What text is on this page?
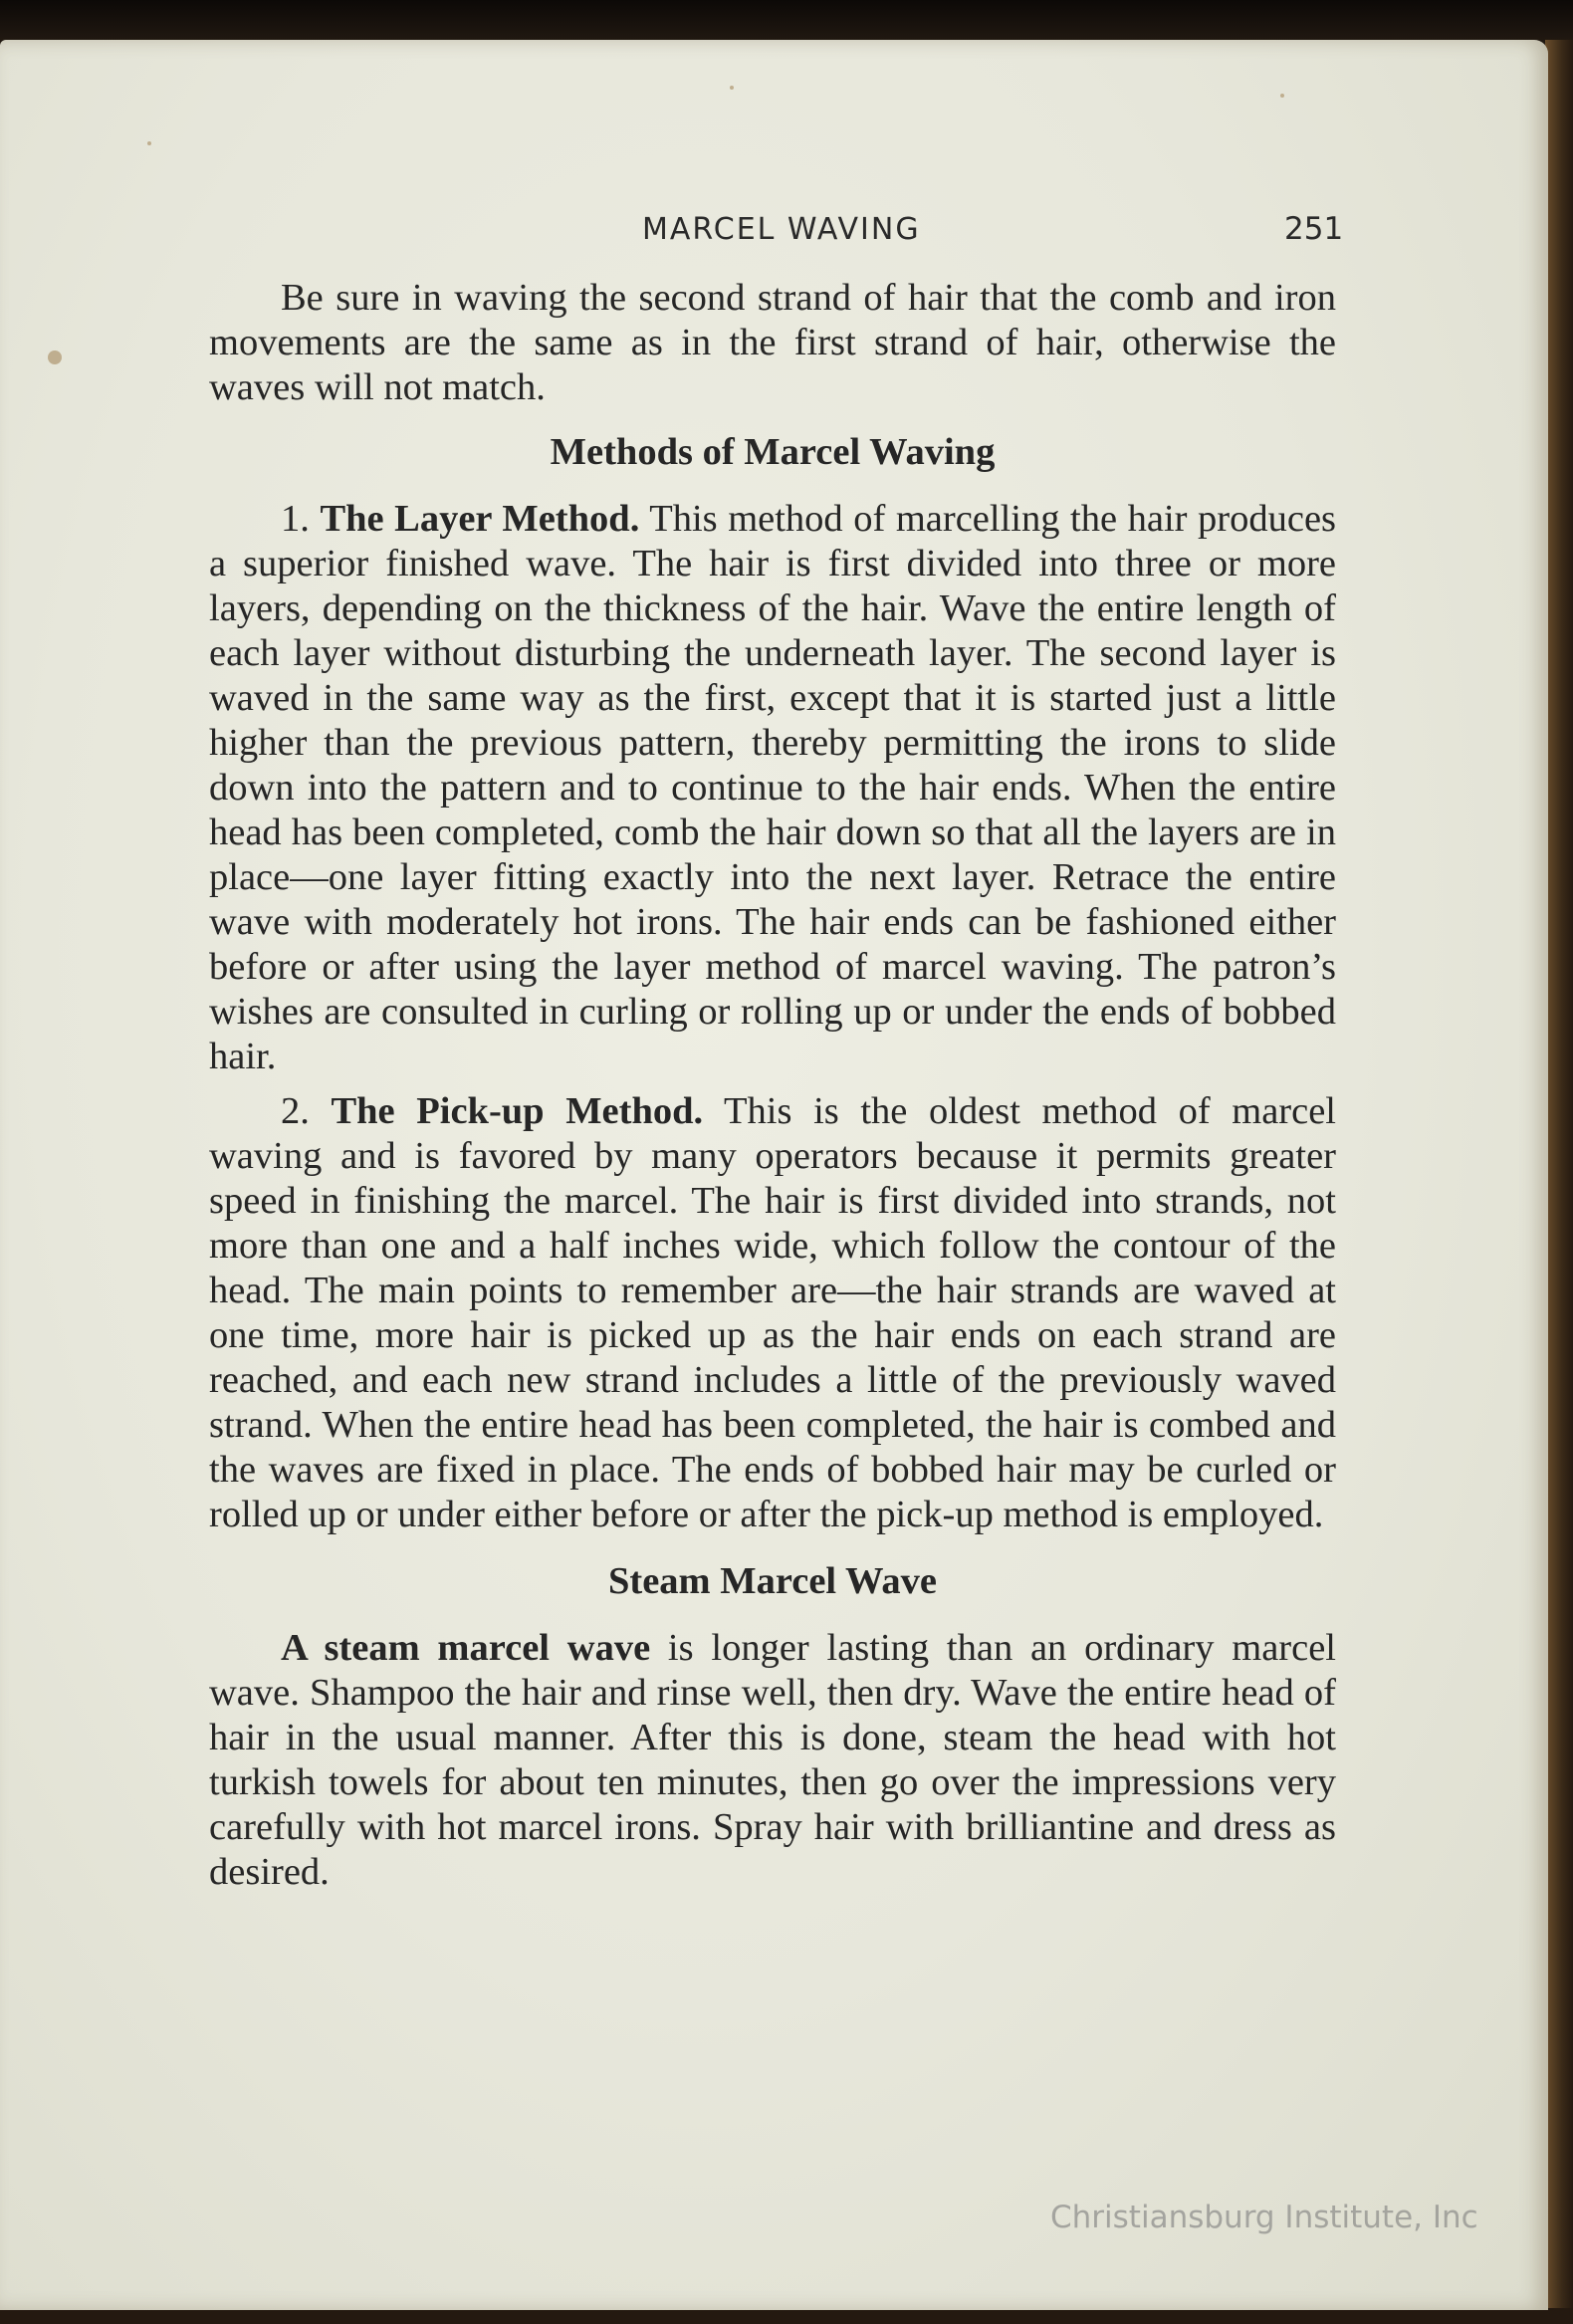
MARCEL WAVING	251

Be sure in waving the second strand of hair that the comb and iron movements are the same as in the first strand of hair, otherwise the waves will not match.

Methods of Marcel Waving

1. The Layer Method. This method of marcelling the hair produces a superior finished wave. The hair is first divided into three or more layers, depending on the thickness of the hair. Wave the entire length of each layer without disturbing the underneath layer. The second layer is waved in the same way as the first, except that it is started just a little higher than the previous pattern, thereby permitting the irons to slide down into the pattern and to continue to the hair ends. When the entire head has been completed, comb the hair down so that all the layers are in place—one layer fitting exactly into the next layer. Retrace the entire wave with moderately hot irons. The hair ends can be fashioned either before or after using the layer method of marcel waving. The patron’s wishes are consulted in curling or rolling up or under the ends of bobbed hair.

2. The Pick-up Method. This is the oldest method of marcel waving and is favored by many operators because it permits greater speed in finishing the marcel. The hair is first divided into strands, not more than one and a half inches wide, which follow the contour of the head. The main points to remember are—the hair strands are waved at one time, more hair is picked up as the hair ends on each strand are reached, and each new strand includes a little of the previously waved strand. When the entire head has been completed, the hair is combed and the waves are fixed in place. The ends of bobbed hair may be curled or rolled up or under either before or after the pick-up method is employed.

Steam Marcel Wave

A steam marcel wave is longer lasting than an ordinary marcel wave. Shampoo the hair and rinse well, then dry. Wave the entire head of hair in the usual manner. After this is done, steam the head with hot turkish towels for about ten minutes, then go over the impressions very carefully with hot marcel irons. Spray hair with brilliantine and dress as desired.

Christiansburg Institute, Inc
